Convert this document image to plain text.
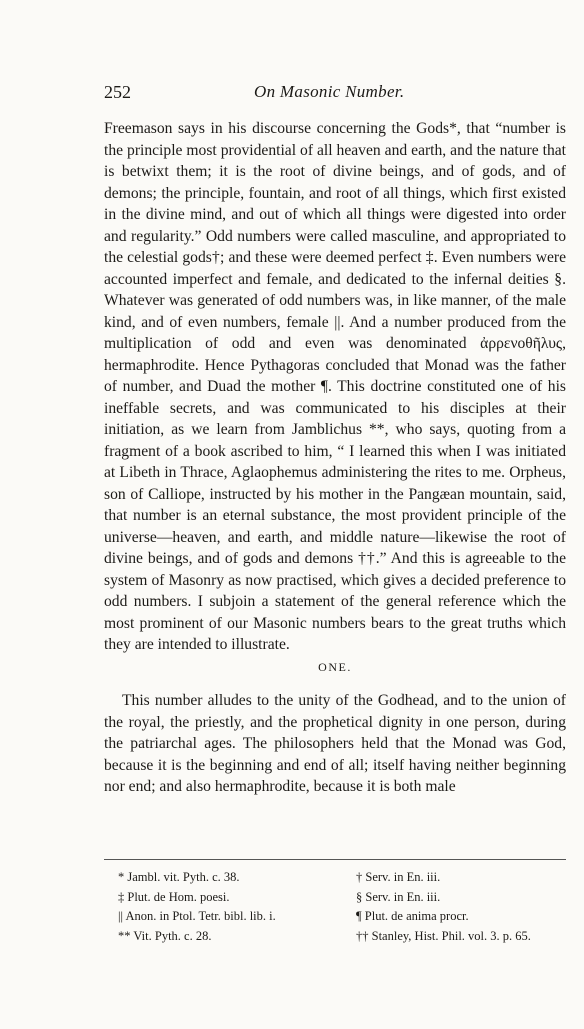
252	On Masonic Number.

Freemason says in his discourse concerning the Gods*, that “number is the principle most providential of all heaven and earth, and the nature that is betwixt them; it is the root of divine beings, and of gods, and of demons; the principle, fountain, and root of all things, which first existed in the divine mind, and out of which all things were digested into order and regularity.” Odd numbers were called masculine, and appropriated to the celestial gods†; and these were deemed perfect ‡. Even numbers were accounted imperfect and female, and dedicated to the infernal deities §. Whatever was generated of odd numbers was, in like manner, of the male kind, and of even numbers, female ||. And a number produced from the multiplication of odd and even was denominated ἀρρενοθῆλυς, hermaphrodite. Hence Pythagoras concluded that Monad was the father of number, and Duad the mother ¶. This doctrine constituted one of his ineffable secrets, and was communicated to his disciples at their initiation, as we learn from Jamblichus **, who says, quoting from a fragment of a book ascribed to him, “ I learned this when I was initiated at Libeth in Thrace, Aglaophemus administering the rites to me. Orpheus, son of Calliope, instructed by his mother in the Pangæan mountain, said, that number is an eternal substance, the most provident principle of the universe—heaven, and earth, and middle nature—likewise the root of divine beings, and of gods and demons ††.” And this is agreeable to the system of Masonry as now practised, which gives a decided preference to odd numbers. I subjoin a statement of the general reference which the most prominent of our Masonic numbers bears to the great truths which they are intended to illustrate.

ONE.

This number alludes to the unity of the Godhead, and to the union of the royal, the priestly, and the prophetical dignity in one person, during the patriarchal ages. The philosophers held that the Monad was God, because it is the beginning and end of all; itself having neither beginning nor end; and also hermaphrodite, because it is both male

* Jambl. vit. Pyth. c. 38.	† Serv. in En. iii.
‡ Plut. de Hom. poesi.	§ Serv. in En. iii.
|| Anon. in Ptol. Tetr. bibl. lib. i.	¶ Plut. de anima procr.
** Vit. Pyth. c. 28.	†† Stanley, Hist. Phil. vol. 3. p. 65.
